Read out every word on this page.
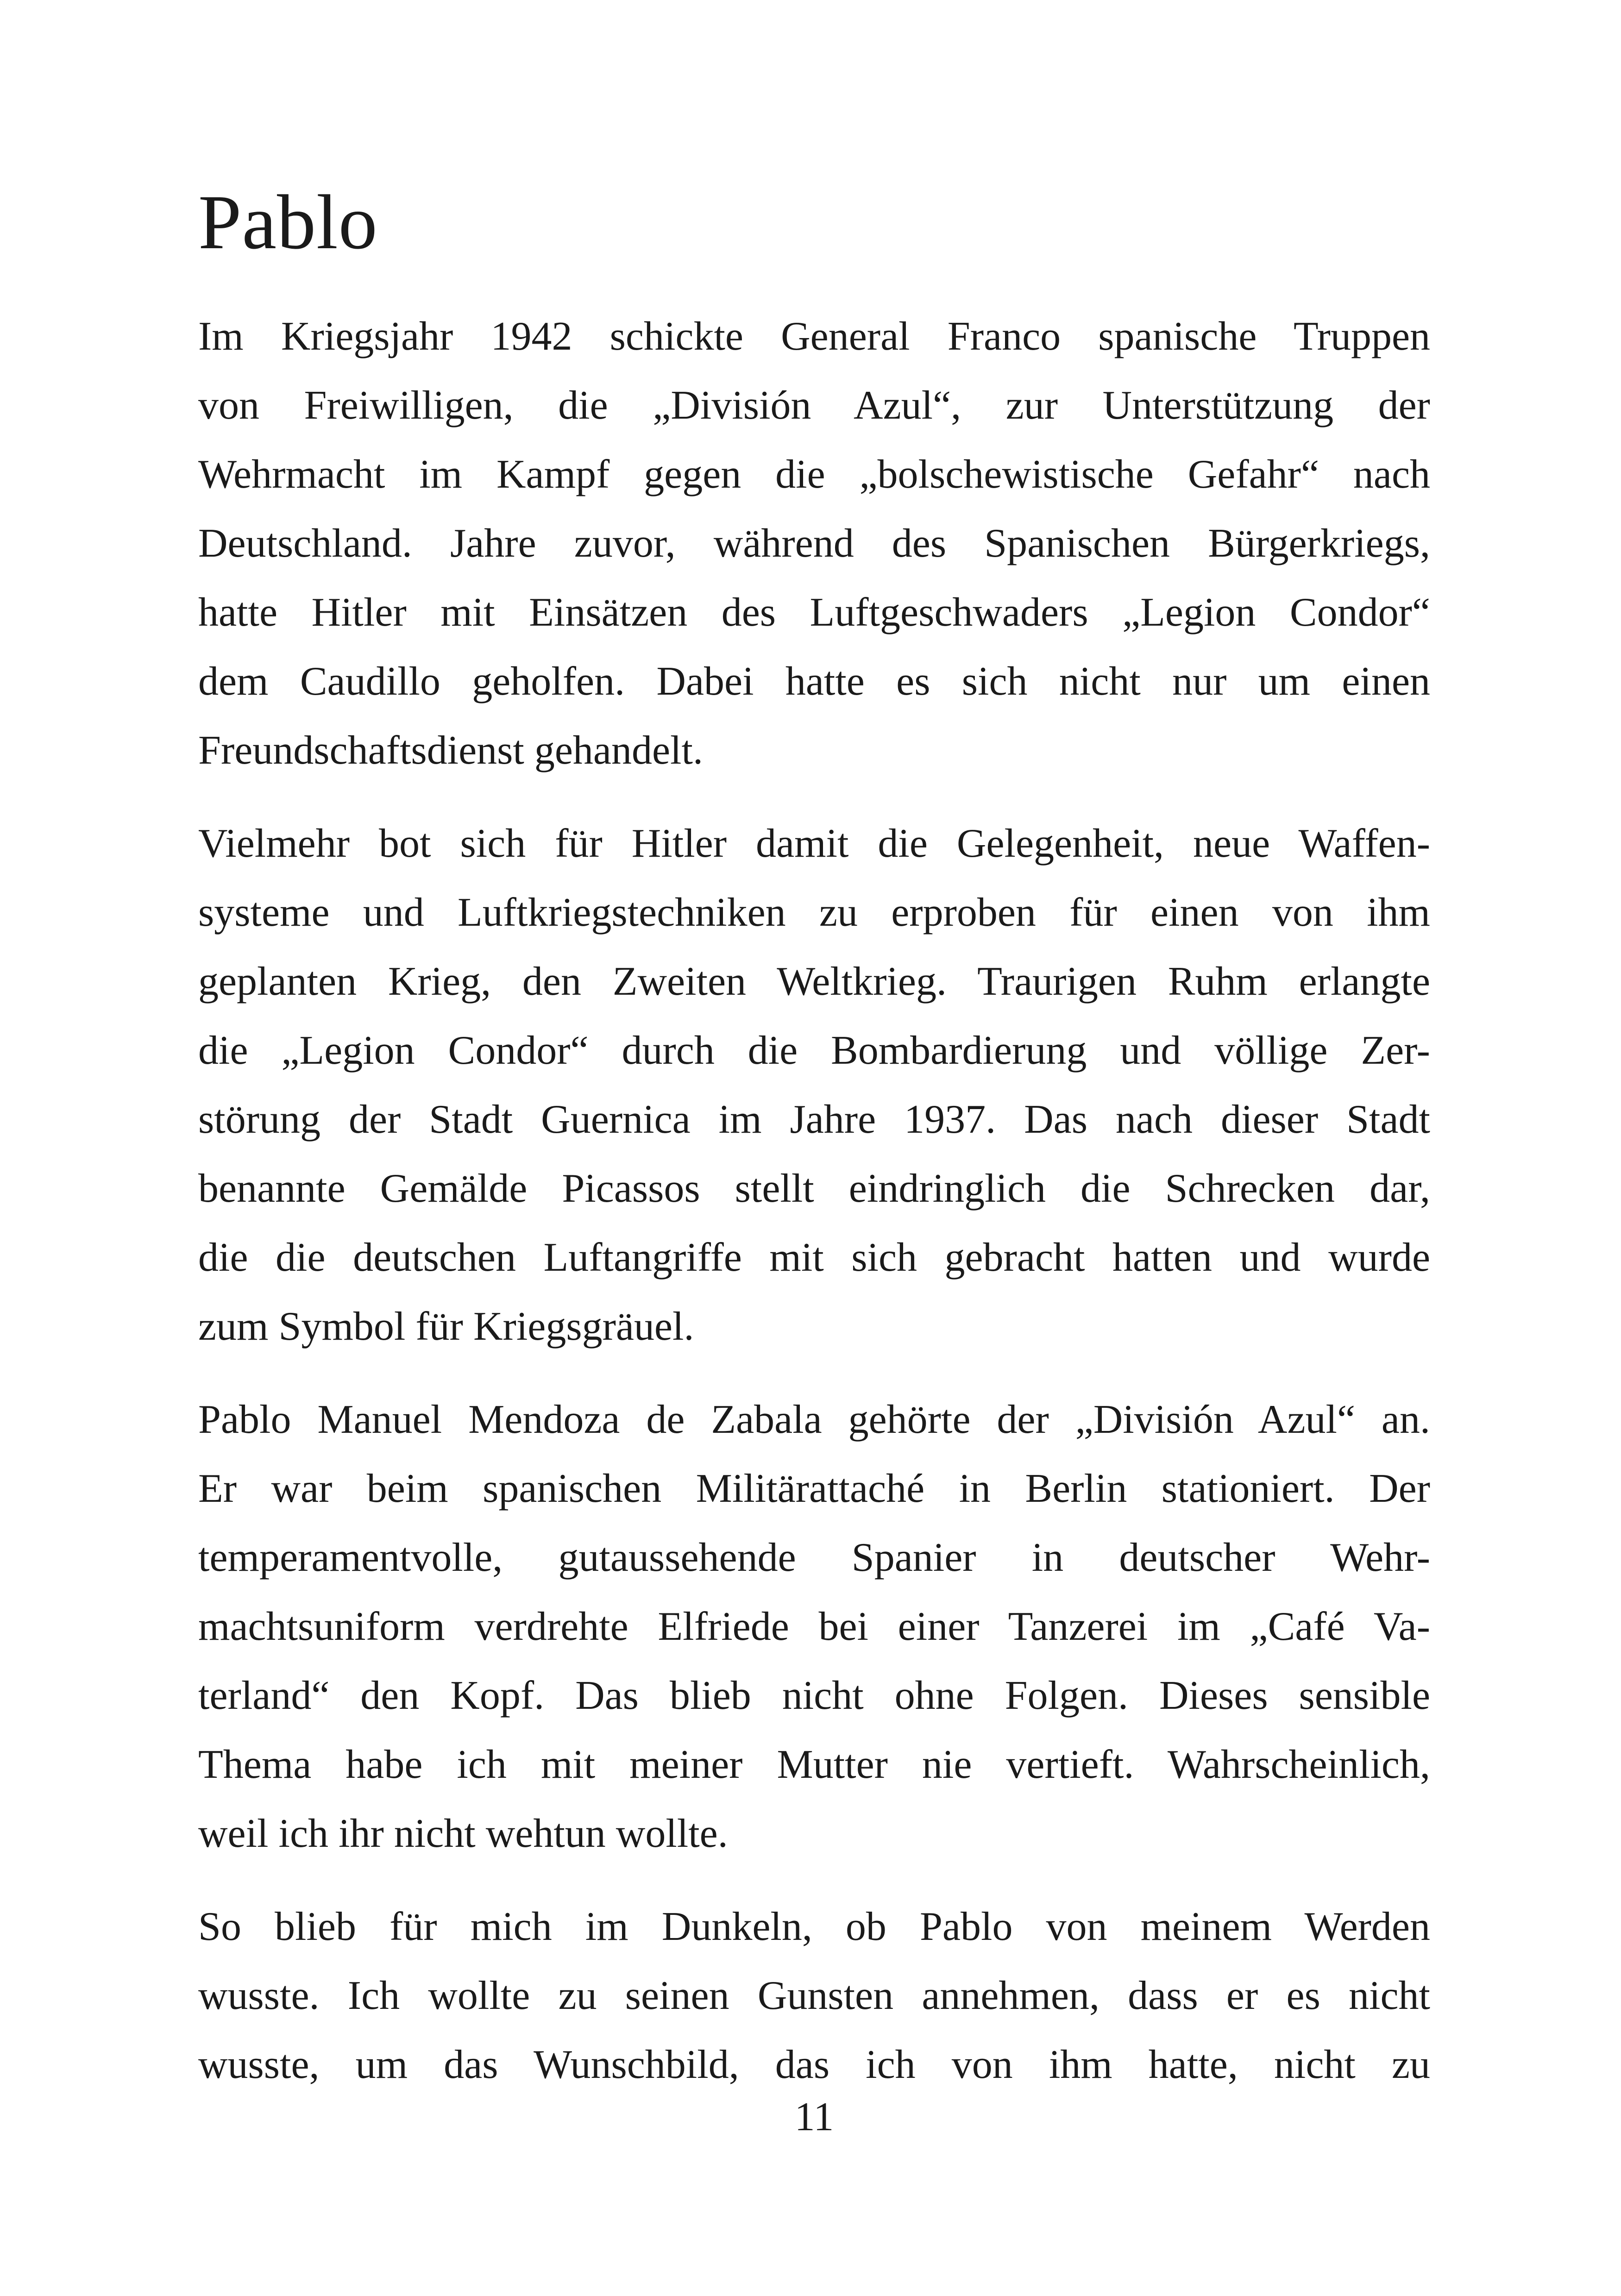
Pablo

Im Kriegsjahr 1942 schickte General Franco spanische Truppen
von Freiwilligen, die „División Azul“, zur Unterstützung der
Wehrmacht im Kampf gegen die „bolschewistische Gefahr“ nach
Deutschland. Jahre zuvor, während des Spanischen Bürgerkriegs,
hatte Hitler mit Einsätzen des Luftgeschwaders „Legion Condor“
dem Caudillo geholfen. Dabei hatte es sich nicht nur um einen
Freundschaftsdienst gehandelt.

Vielmehr bot sich für Hitler damit die Gelegenheit, neue Waffen-
systeme und Luftkriegstechniken zu erproben für einen von ihm
geplanten Krieg, den Zweiten Weltkrieg. Traurigen Ruhm erlangte
die „Legion Condor“ durch die Bombardierung und völlige Zer-
störung der Stadt Guernica im Jahre 1937. Das nach dieser Stadt
benannte Gemälde Picassos stellt eindringlich die Schrecken dar,
die die deutschen Luftangriffe mit sich gebracht hatten und wurde
zum Symbol für Kriegsgräuel.

Pablo Manuel Mendoza de Zabala gehörte der „División Azul“ an.
Er war beim spanischen Militärattaché in Berlin stationiert. Der
temperamentvolle, gutaussehende Spanier in deutscher Wehr-
machtsuniform verdrehte Elfriede bei einer Tanzerei im „Café Va-
terland“ den Kopf. Das blieb nicht ohne Folgen. Dieses sensible
Thema habe ich mit meiner Mutter nie vertieft. Wahrscheinlich,
weil ich ihr nicht wehtun wollte.

So blieb für mich im Dunkeln, ob Pablo von meinem Werden
wusste. Ich wollte zu seinen Gunsten annehmen, dass er es nicht
wusste, um das Wunschbild, das ich von ihm hatte, nicht zu

11
